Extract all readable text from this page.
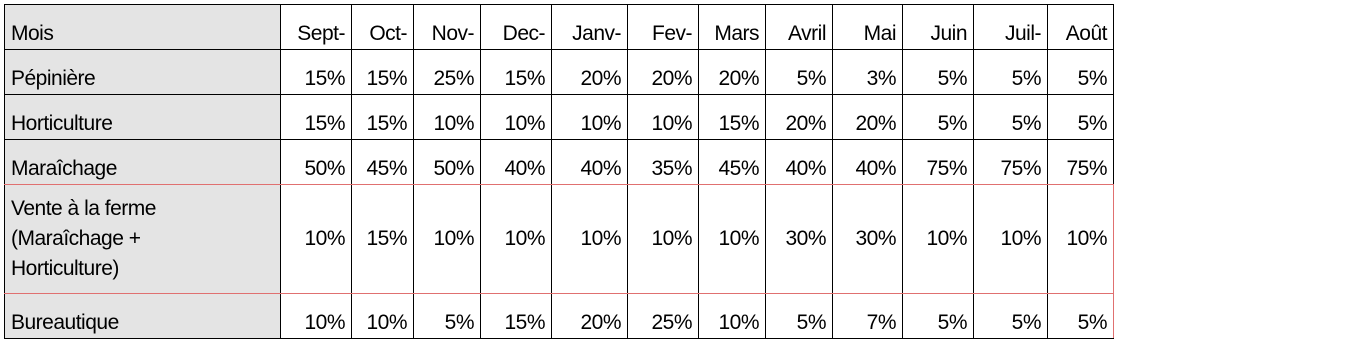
Mois	Sept-	Oct-	Nov-	Dec-	Janv-	Fev-	Mars	Avril	Mai	Juin	Juil-	Août
Pépinière	15%	15%	25%	15%	20%	20%	20%	5%	3%	5%	5%	5%
Horticulture	15%	15%	10%	10%	10%	10%	15%	20%	20%	5%	5%	5%
Maraîchage	50%	45%	50%	40%	40%	35%	45%	40%	40%	75%	75%	75%

Vente à la ferme
(Maraîchage +
Horticulture)	10%	15%	10%	10%	10%	10%	10%	30%	30%	10%	10%	10%
Bureautique	10%	10%	5%	15%	20%	25%	10%	5%	7%	5%	5%	5%
